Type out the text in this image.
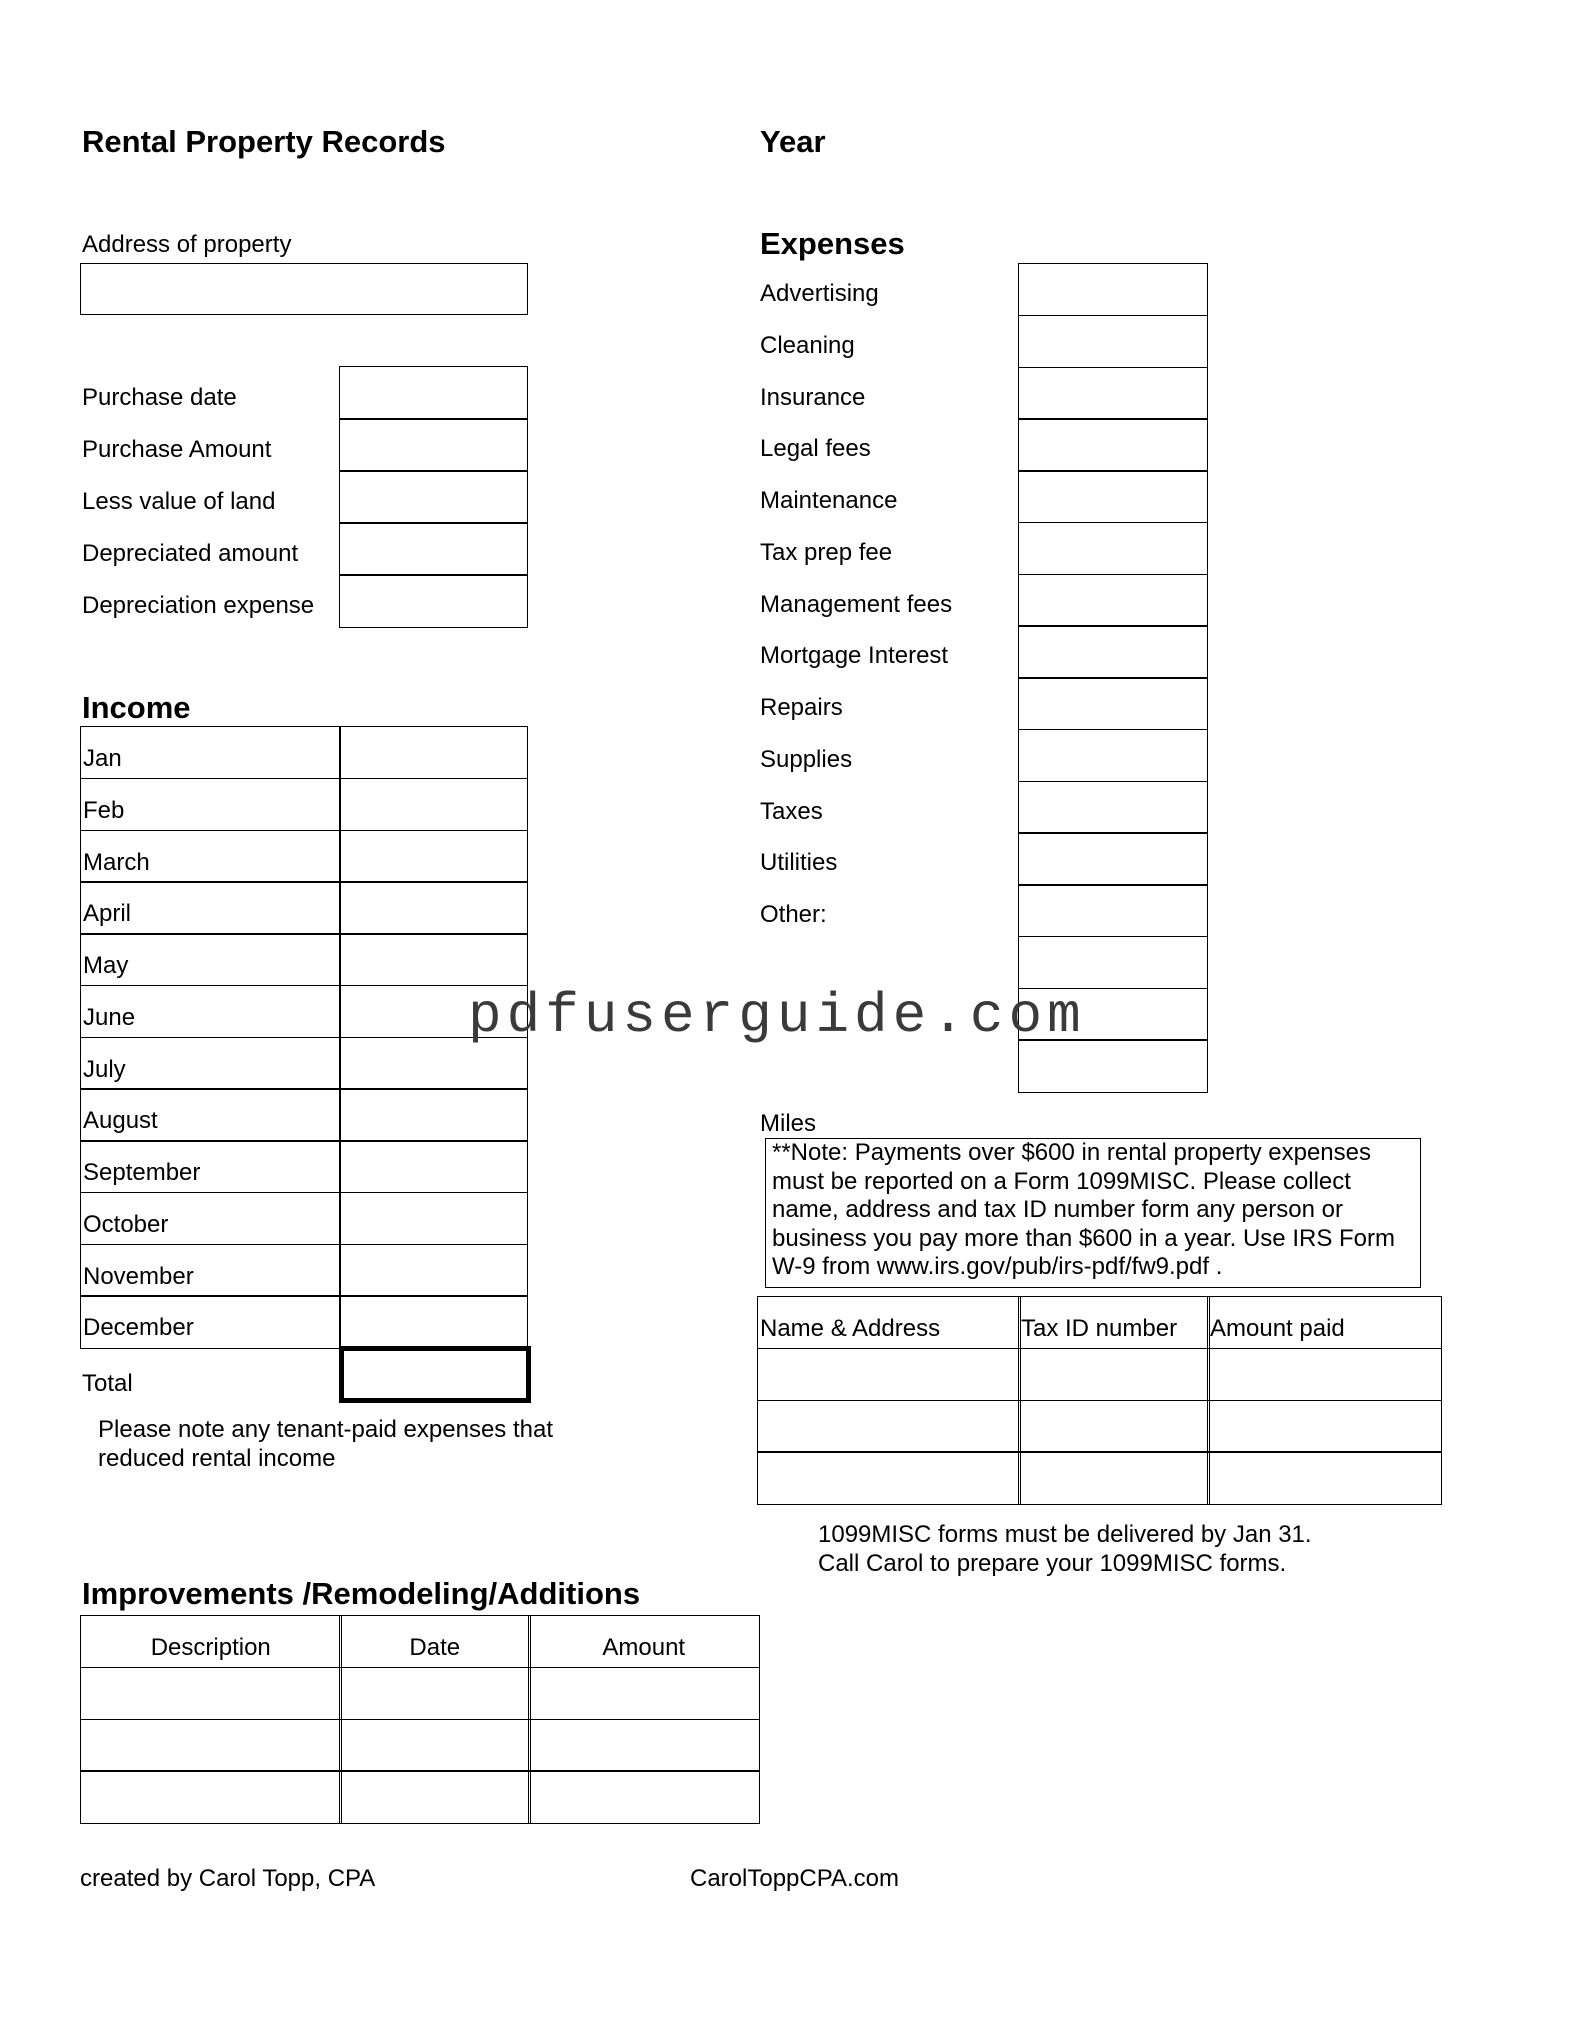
Rental Property Records	Year
Address of property
Purchase date
Purchase Amount
Less value of land
Depreciated amount
Depreciation expense
Income
Jan
Feb
March
April
May
June
July
August
September
October
November
December
Total
Please note any tenant-paid expenses that reduced rental income
Expenses
Advertising
Cleaning
Insurance
Legal fees
Maintenance
Tax prep fee
Management fees
Mortgage Interest
Repairs
Supplies
Taxes
Utilities
Other:
Miles
**Note: Payments over $600 in rental property expenses must be reported on a Form 1099MISC. Please collect name, address and tax ID number form any person or business you pay more than $600 in a year. Use IRS Form W-9 from www.irs.gov/pub/irs-pdf/fw9.pdf .
Name & Address	Tax ID number Amount paid
1099MISC forms must be delivered by Jan 31. Call Carol to prepare your 1099MISC forms.
Improvements /Remodeling/Additions
Description	Date	Amount
created by Carol Topp, CPA	CarolToppCPA.com
pdfuserguide.com
